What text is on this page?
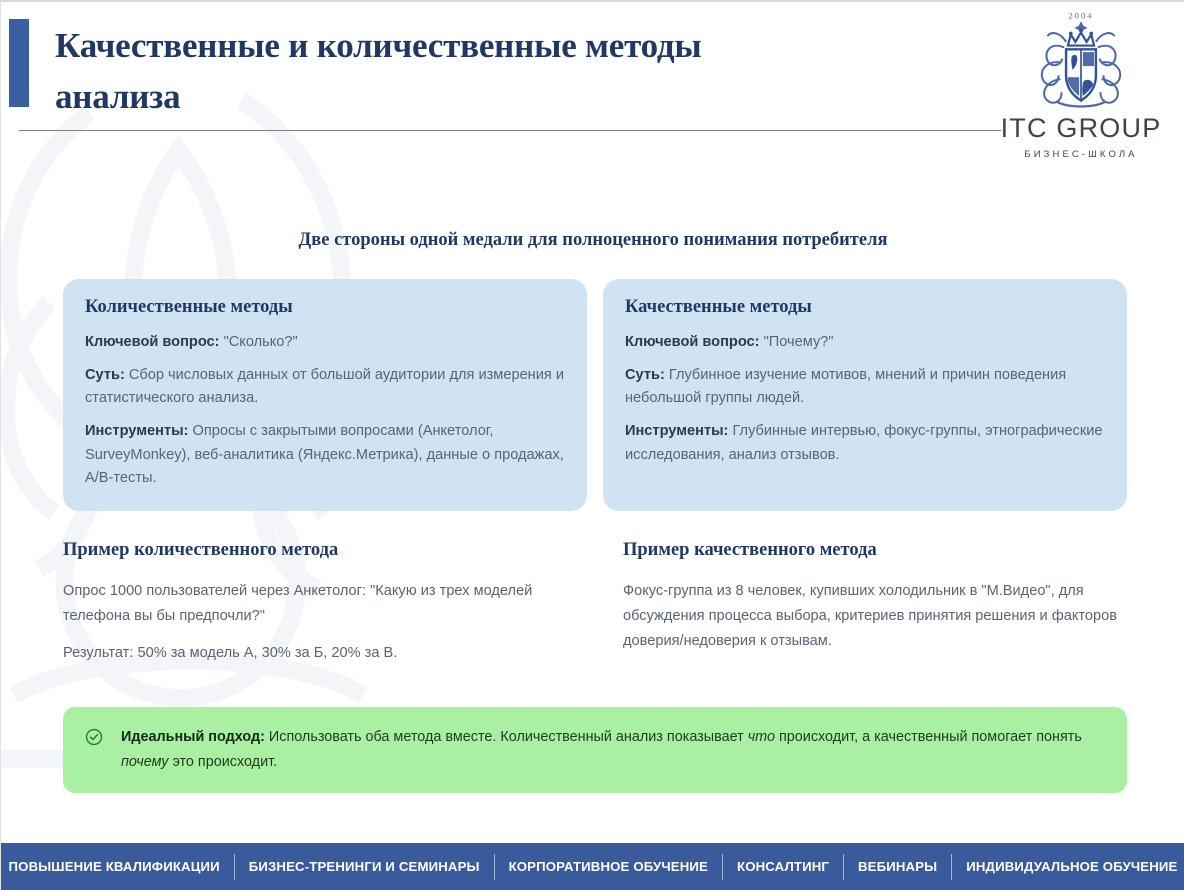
Качественные и количественные методы анализа
2004
ITC GROUP
БИЗНЕС-ШКОЛА
Две стороны одной медали для полноценного понимания потребителя
Количественные методы
Ключевой вопрос: "Сколько?"
Суть: Сбор числовых данных от большой аудитории для измерения и статистического анализа.
Инструменты: Опросы с закрытыми вопросами (Анкетолог, SurveyMonkey), веб-аналитика (Яндекс.Метрика), данные о продажах, A/B-тесты.
Качественные методы
Ключевой вопрос: "Почему?"
Суть: Глубинное изучение мотивов, мнений и причин поведения небольшой группы людей.
Инструменты: Глубинные интервью, фокус-группы, этнографические исследования, анализ отзывов.
Пример количественного метода
Опрос 1000 пользователей через Анкетолог: "Какую из трех моделей телефона вы бы предпочли?"
Результат: 50% за модель А, 30% за Б, 20% за В.
Пример качественного метода
Фокус-группа из 8 человек, купивших холодильник в "М.Видео", для обсуждения процесса выбора, критериев принятия решения и факторов доверия/недоверия к отзывам.
Идеальный подход: Использовать оба метода вместе. Количественный анализ показывает что происходит, а качественный помогает понять почему это происходит.
ПОВЫШЕНИЕ КВАЛИФИКАЦИИ	БИЗНЕС-ТРЕНИНГИ И СЕМИНАРЫ	КОРПОРАТИВНОЕ ОБУЧЕНИЕ	КОНСАЛТИНГ	ВЕБИНАРЫ	ИНДИВИДУАЛЬНОЕ ОБУЧЕНИЕ
